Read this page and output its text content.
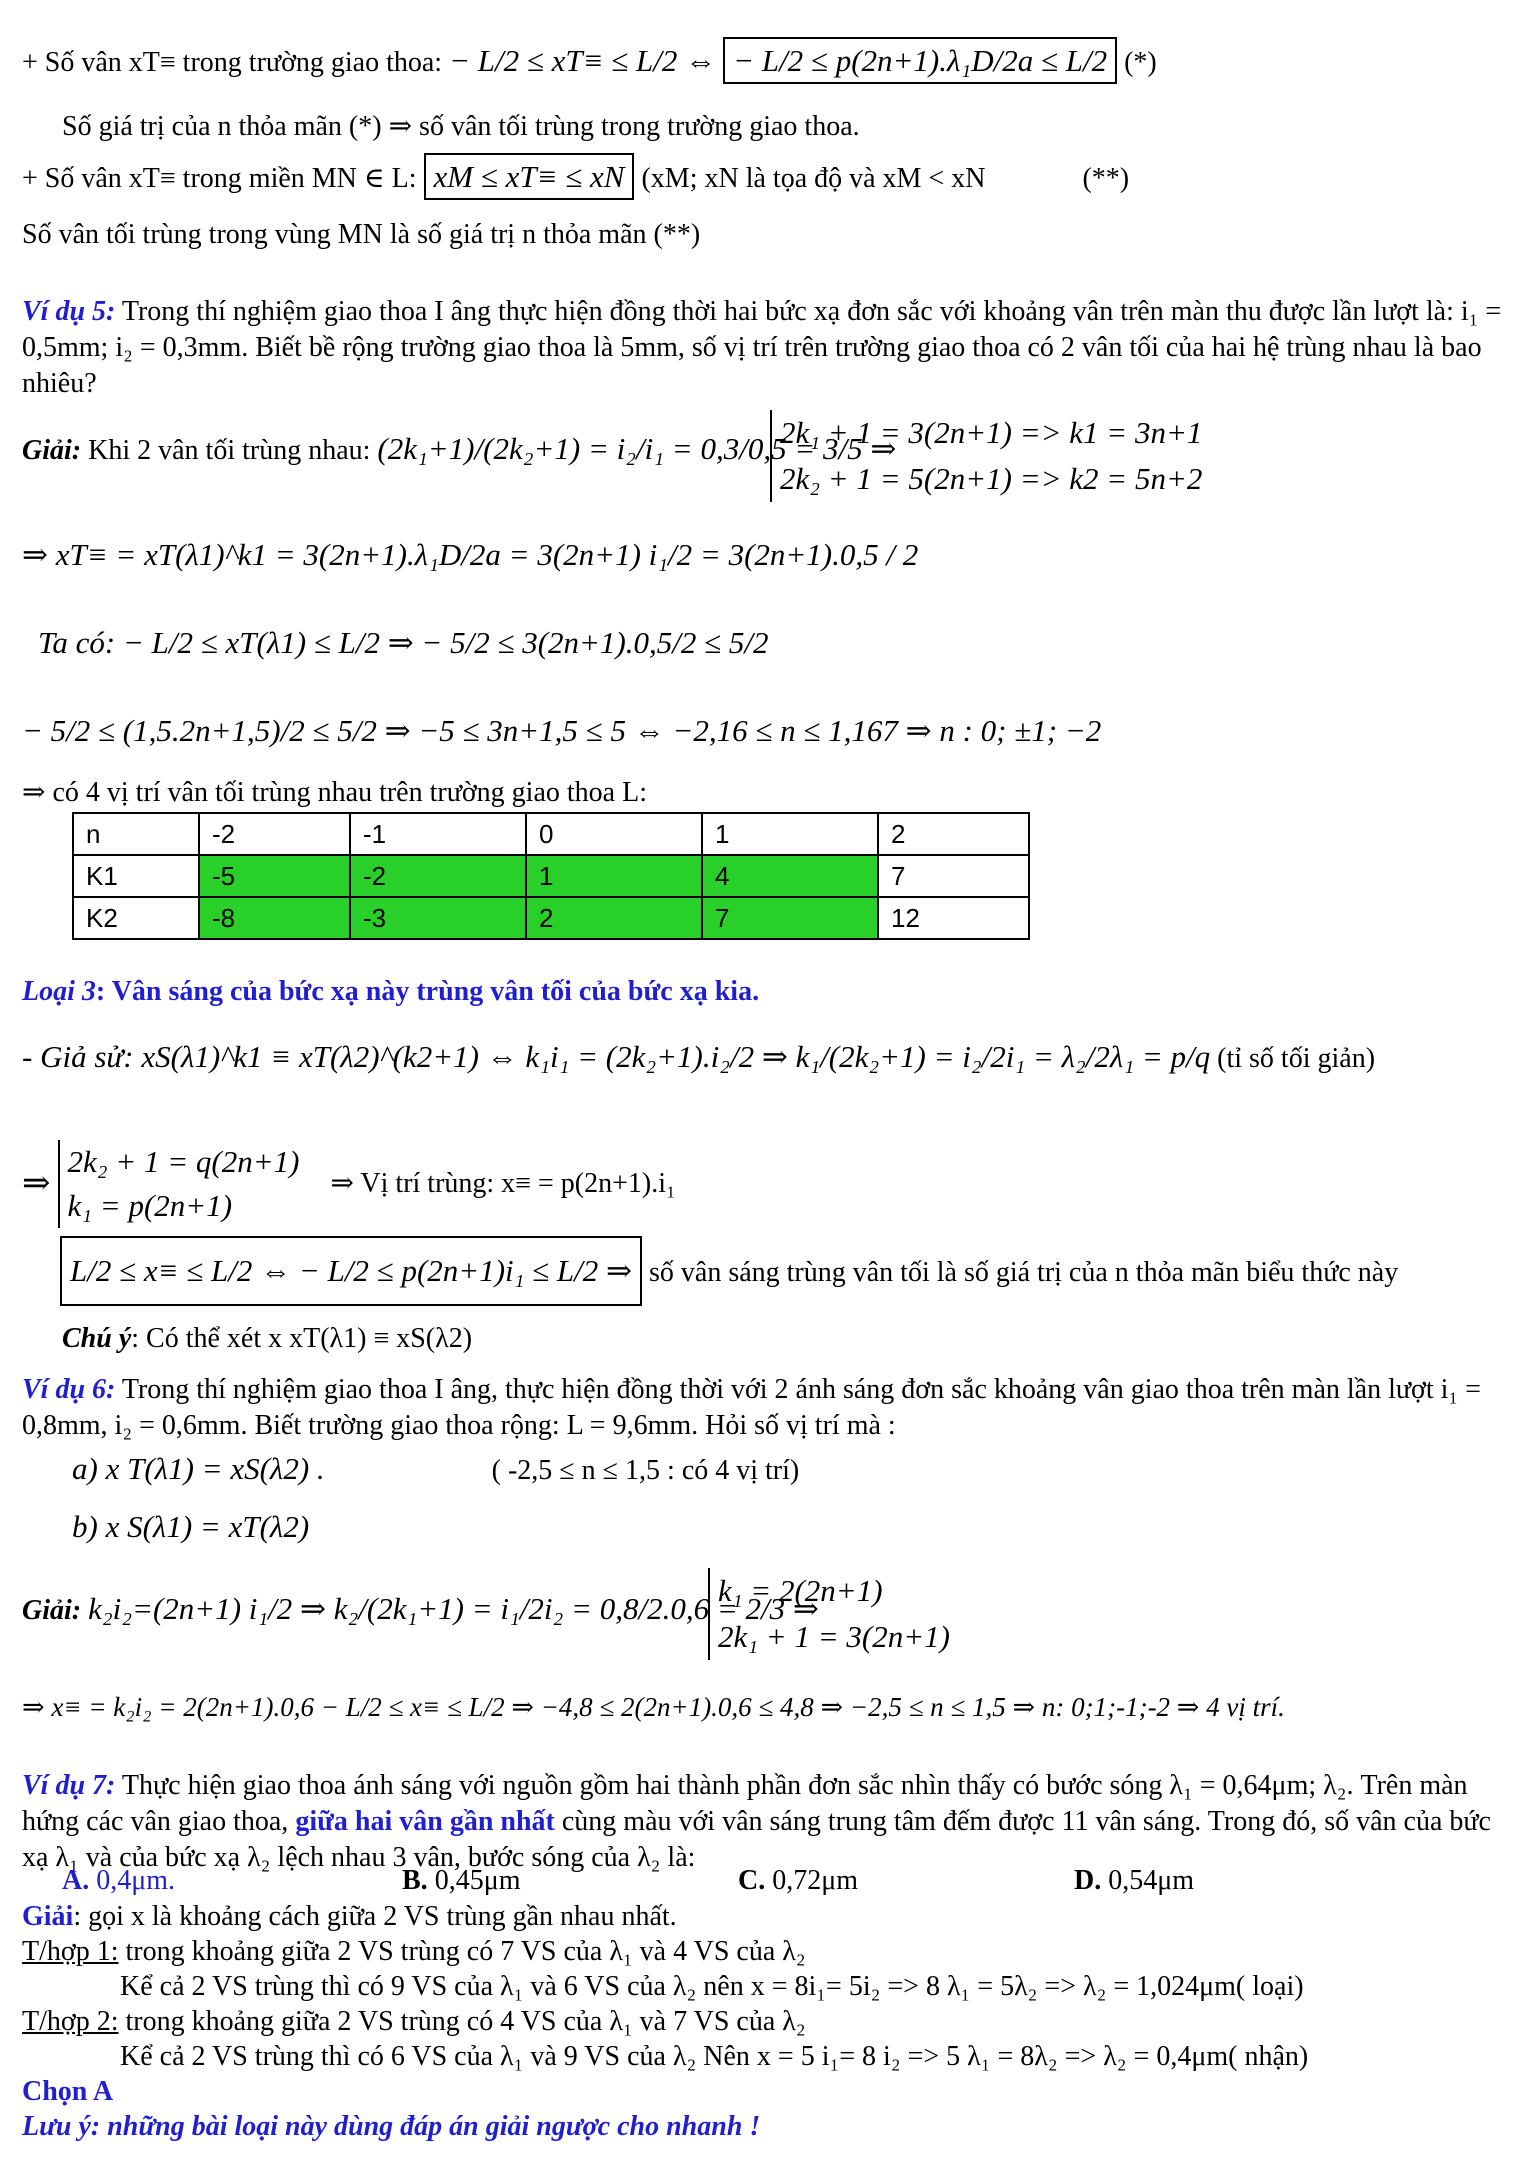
+ Số vân xT≡ trong trường giao thoa: − L/2 ≤ xT≡ ≤ L/2 ⇔ − L/2 ≤ p(2n+1).λ₁D/2a ≤ L/2 (*)
Số giá trị của n thỏa mãn (*) ⇒ số vân tối trùng trong trường giao thoa.
+ Số vân xT≡ trong miền MN ∈ L: xM ≤ xT≡ ≤ xN (xM; xN là tọa độ và xM < xN	(**)
Số vân tối trùng trong vùng MN là số giá trị n thỏa mãn (**)
Ví dụ 5: Trong thí nghiệm giao thoa I âng thực hiện đồng thời hai bức xạ đơn sắc với khoảng vân trên màn thu được lần lượt là: i₁ = 0,5mm; i₂ = 0,3mm. Biết bề rộng trường giao thoa là 5mm, số vị trí trên trường giao thoa có 2 vân tối của hai hệ trùng nhau là bao nhiêu?
Giải: Khi 2 vân tối trùng nhau: (2k₁+1)/(2k₂+1) = i₂/i₁ = 0,3/0,5 = 3/5 ⇒
2k₁ + 1 = 3(2n+1) => k1 = 3n+1
2k₂ + 1 = 5(2n+1) => k2 = 5n+2
⇒ xT≡ = xT(λ1)^k1 = 3(2n+1).λ₁D/2a = 3(2n+1) i₁/2 = 3(2n+1).0,5 / 2
Ta có: − L/2 ≤ xT(λ1) ≤ L/2 ⇒ − 5/2 ≤ 3(2n+1).0,5/2 ≤ 5/2
− 5/2 ≤ (1,5.2n+1,5)/2 ≤ 5/2 ⇒ −5 ≤ 3n+1,5 ≤ 5 ⇔ −2,16 ≤ n ≤ 1,167 ⇒ n : 0; ±1; −2
⇒ có 4 vị trí vân tối trùng nhau trên trường giao thoa L:
n	-2	-1	0	1	2
K1	-5	-2	1	4	7
K2	-8	-3	2	7	12
Loại 3: Vân sáng của bức xạ này trùng vân tối của bức xạ kia.
- Giả sử: xS(λ1)^k1 ≡ xT(λ2)^(k2+1) ⇔ k₁i₁ = (2k₂+1).i₂/2 ⇒ k₁/(2k₂+1) = i₂/2i₁ = λ₂/2λ₁ = p/q (tỉ số tối giản)
⇒
2k₂ + 1 = q(2n+1)
k₁ = p(2n+1)
⇒ Vị trí trùng: x≡ = p(2n+1).i₁
L/2 ≤ x≡ ≤ L/2 ⇔ − L/2 ≤ p(2n+1)i₁ ≤ L/2 ⇒ số vân sáng trùng vân tối là số giá trị của n thỏa mãn biểu thức này
Chú ý: Có thể xét x xT(λ1) ≡ xS(λ2)
Ví dụ 6: Trong thí nghiệm giao thoa I âng, thực hiện đồng thời với 2 ánh sáng đơn sắc khoảng vân giao thoa trên màn lần lượt i₁ = 0,8mm, i₂ = 0,6mm. Biết trường giao thoa rộng: L = 9,6mm. Hỏi số vị trí mà :
a) x T(λ1) = xS(λ2) .	( -2,5 ≤ n ≤ 1,5 : có 4 vị trí)
b) x S(λ1) = xT(λ2)
Giải: k₂i₂=(2n+1) i₁/2 ⇒ k₂/(2k₁+1) = i₁/2i₂ = 0,8/2.0,6 = 2/3 ⇒
k₁ = 2(2n+1)
2k₁ + 1 = 3(2n+1)
⇒ x≡ = k₂i₂ = 2(2n+1).0,6 − L/2 ≤ x≡ ≤ L/2 ⇒ −4,8 ≤ 2(2n+1).0,6 ≤ 4,8 ⇒ −2,5 ≤ n ≤ 1,5 ⇒ n: 0;1;-1;-2 ⇒ 4 vị trí.
Ví dụ 7: Thực hiện giao thoa ánh sáng với nguồn gồm hai thành phần đơn sắc nhìn thấy có bước sóng λ₁ = 0,64μm; λ₂. Trên màn hứng các vân giao thoa, giữa hai vân gần nhất cùng màu với vân sáng trung tâm đếm được 11 vân sáng. Trong đó, số vân của bức xạ λ₁ và của bức xạ λ₂ lệch nhau 3 vân, bước sóng của λ₂ là:
A. 0,4μm.	B. 0,45μm	C. 0,72μm	D. 0,54μm
Giải: gọi x là khoảng cách giữa 2 VS trùng gần nhau nhất.
T/hợp 1: trong khoảng giữa 2 VS trùng có 7 VS của λ₁ và 4 VS của λ₂
Kể cả 2 VS trùng thì có 9 VS của λ₁ và 6 VS của λ₂ nên x = 8i₁= 5i₂ => 8 λ₁ = 5λ₂ => λ₂ = 1,024μm( loại)
T/hợp 2: trong khoảng giữa 2 VS trùng có 4 VS của λ₁ và 7 VS của λ₂
Kể cả 2 VS trùng thì có 6 VS của λ₁ và 9 VS của λ₂ Nên x = 5 i₁= 8 i₂ => 5 λ₁ = 8λ₂ => λ₂ = 0,4μm( nhận)
Chọn A
Lưu ý: những bài loại này dùng đáp án giải ngược cho nhanh !
